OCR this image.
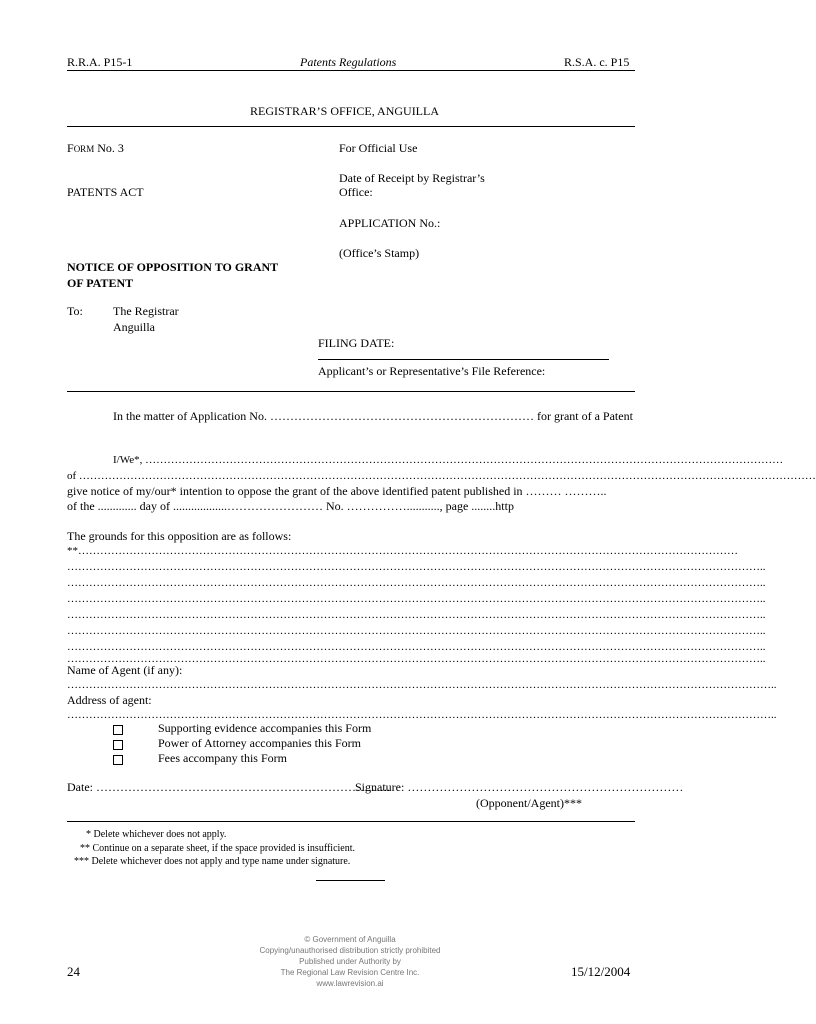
R.R.A. P15-1	Patents Regulations	R.S.A. c. P15
REGISTRAR’S OFFICE, ANGUILLA
FORM No. 3
PATENTS ACT
NOTICE OF OPPOSITION TO GRANT
OF PATENT
To:	The Registrar
Anguilla
For Official Use
Date of Receipt by Registrar’s
Office:
APPLICATION No.:
(Office’s Stamp)
FILING DATE:
Applicant’s or Representative’s File Reference:
In the matter of Application No. ………………………………………………………… for grant of a Patent
I/We*, …………………………………………………………………………………………………………………………………………………………
of …………………………………………………………………………………………………………………………………………………………………………………
give notice of my/our* intention to oppose the grant of the above identified patent published in ……… ………..
of the ............. day of ..................…………………… No. ……………..........., page ........http
The grounds for this opposition are as follows:
**………………………………………………………………………………………………………………………………………………………………
………………………………………………………………………………………………………………………………………………………………………..
………………………………………………………………………………………………………………………………………………………………………..
………………………………………………………………………………………………………………………………………………………………………..
………………………………………………………………………………………………………………………………………………………………………..
………………………………………………………………………………………………………………………………………………………………………..
………………………………………………………………………………………………………………………………………………………………………..
………………………………………………………………………………………………………………………………………………………………………..
Name of Agent (if any):
…………………………………………………………………………………………………………………………………………………………………………..
Address of agent:
…………………………………………………………………………………………………………………………………………………………………………..
Supporting evidence accompanies this Form
Power of Attorney accompanies this Form
Fees accompany this Form
Date: ………………………………………………………………..
Signature: ……………………………………………………………
(Opponent/Agent)***
* Delete whichever does not apply.
** Continue on a separate sheet, if the space provided is insufficient.
*** Delete whichever does not apply and type name under signature.
24	15/12/2004
© Government of Anguilla
Copying/unauthorised distribution strictly prohibited
Published under Authority by
The Regional Law Revision Centre Inc.
www.lawrevision.ai
